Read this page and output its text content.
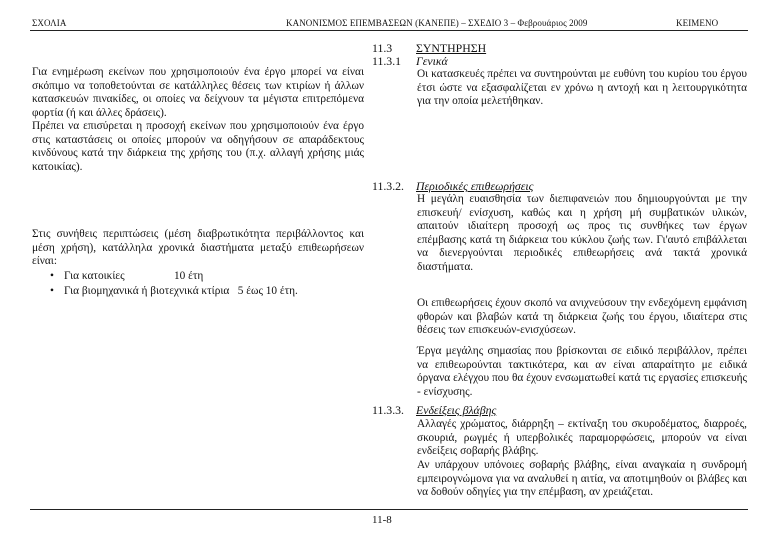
ΣΧΟΛΙΑ	ΚΑΝΟΝΙΣΜΟΣ ΕΠΕΜΒΑΣΕΩΝ (ΚΑΝΕΠΕ) – ΣΧΕΔΙΟ 3 – Φεβρουάριος 2009	ΚΕΙΜΕΝΟ

Για ενημέρωση εκείνων που χρησιμοποιούν ένα έργο μπορεί να είναι σκόπιμο να τοποθετούνται σε κατάλληλες θέσεις των κτιρίων ή άλλων κατασκευών πινακίδες, οι οποίες να δείχνουν τα μέγιστα επιτρεπόμενα φορτία (ή και άλλες δράσεις).

Πρέπει να επισύρεται η προσοχή εκείνων που χρησιμοποιούν ένα έργο στις καταστάσεις οι οποίες μπορούν να οδηγήσουν σε απαράδεκτους κινδύνους κατά την διάρκεια της χρήσης του (π.χ. αλλαγή χρήσης μιάς κατοικίας).

Στις συνήθεις περιπτώσεις (μέση διαβρωτικότητα περιβάλλοντος και μέση χρήση), κατάλληλα χρονικά διαστήματα μεταξύ επιθεωρήσεων είναι:

• Για κατοικίες	10 έτη
• Για βιομηχανικά ή βιοτεχνικά κτίρια 5 έως 10 έτη.
11.3 ΣΥΝΤΗΡΗΣΗ
11.3.1 Γενικά

Οι κατασκευές πρέπει να συντηρούνται με ευθύνη του κυρίου του έργου έτσι ώστε να εξασφαλίζεται εν χρόνω η αντοχή και η λειτουργικότητα για την οποία μελετήθηκαν.

11.3.2. Περιοδικές επιθεωρήσεις

Η μεγάλη ευαισθησία των διεπιφανειών που δημιουργούνται με την επισκευή/ ενίσχυση, καθώς και η χρήση μή συμβατικών υλικών, απαιτούν ιδιαίτερη προσοχή ως προς τις συνθήκες των έργων επέμβασης κατά τη διάρκεια του κύκλου ζωής των. Γι'αυτό επιβάλλεται να διενεργούνται περιοδικές επιθεωρήσεις ανά τακτά χρονικά διαστήματα.

Οι επιθεωρήσεις έχουν σκοπό να ανιχνεύσουν την ενδεχόμενη εμφάνιση φθορών και βλαβών κατά τη διάρκεια ζωής του έργου, ιδιαίτερα στις θέσεις των επισκευών-ενισχύσεων.

Έργα μεγάλης σημασίας που βρίσκονται σε ειδικό περιβάλλον, πρέπει να επιθεωρούνται τακτικότερα, και αν είναι απαραίτητο με ειδικά όργανα ελέγχου που θα έχουν ενσωματωθεί κατά τις εργασίες επισκευής - ενίσχυσης.

11.3.3. Ενδείξεις βλάβης

Αλλαγές χρώματος, διάρρηξη – εκτίναξη του σκυροδέματος, διαρροές, σκουριά, ρωγμές ή υπερβολικές παραμορφώσεις, μπορούν να είναι ενδείξεις σοβαρής βλάβης.

Αν υπάρχουν υπόνοιες σοβαρής βλάβης, είναι αναγκαία η συνδρομή εμπειρογνώμονα για να αναλυθεί η αιτία, να αποτιμηθούν οι βλάβες και να δοθούν οδηγίες για την επέμβαση, αν χρειάζεται.

11-8
